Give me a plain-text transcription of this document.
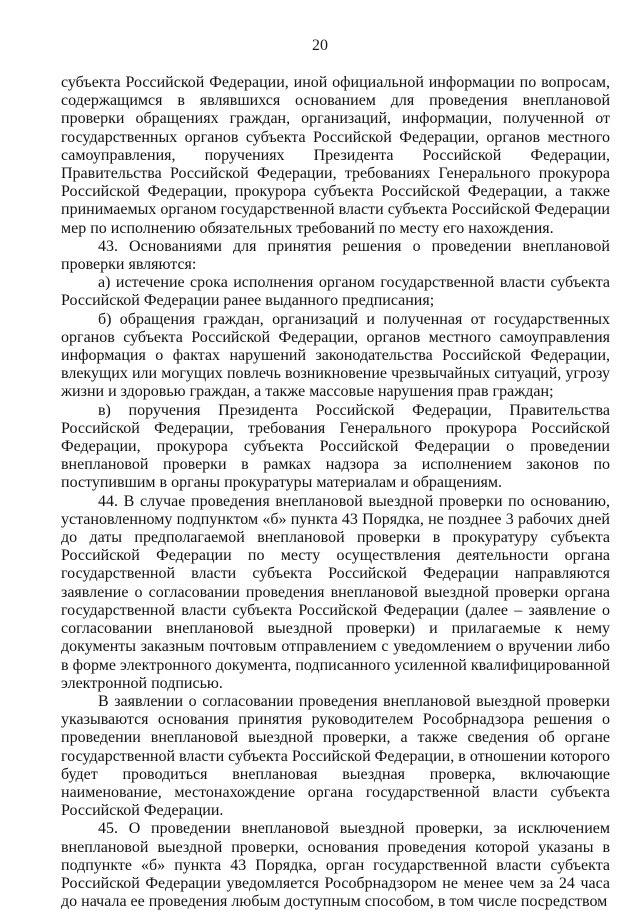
20

субъекта Российской Федерации, иной официальной информации по вопросам, содержащимся в являвшихся основанием для проведения внеплановой проверки обращениях граждан, организаций, информации, полученной от государственных органов субъекта Российской Федерации, органов местного самоуправления, поручениях Президента Российской Федерации, Правительства Российской Федерации, требованиях Генерального прокурора Российской Федерации, прокурора субъекта Российской Федерации, а также принимаемых органом государственной власти субъекта Российской Федерации мер по исполнению обязательных требований по месту его нахождения.

43. Основаниями для принятия решения о проведении внеплановой проверки являются:

а) истечение срока исполнения органом государственной власти субъекта Российской Федерации ранее выданного предписания;

б) обращения граждан, организаций и полученная от государственных органов субъекта Российской Федерации, органов местного самоуправления информация о фактах нарушений законодательства Российской Федерации, влекущих или могущих повлечь возникновение чрезвычайных ситуаций, угрозу жизни и здоровью граждан, а также массовые нарушения прав граждан;

в) поручения Президента Российской Федерации, Правительства Российской Федерации, требования Генерального прокурора Российской Федерации, прокурора субъекта Российской Федерации о проведении внеплановой проверки в рамках надзора за исполнением законов по поступившим в органы прокуратуры материалам и обращениям.

44. В случае проведения внеплановой выездной проверки по основанию, установленному подпунктом «б» пункта 43 Порядка, не позднее 3 рабочих дней до даты предполагаемой внеплановой проверки в прокуратуру субъекта Российской Федерации по месту осуществления деятельности органа государственной власти субъекта Российской Федерации направляются заявление о согласовании проведения внеплановой выездной проверки органа государственной власти субъекта Российской Федерации (далее – заявление о согласовании внеплановой выездной проверки) и прилагаемые к нему документы заказным почтовым отправлением с уведомлением о вручении либо в форме электронного документа, подписанного усиленной квалифицированной электронной подписью.

В заявлении о согласовании проведения внеплановой выездной проверки указываются основания принятия руководителем Рособрнадзора решения о проведении внеплановой выездной проверки, а также сведения об органе государственной власти субъекта Российской Федерации, в отношении которого будет проводиться внеплановая выездная проверка, включающие наименование, местонахождение органа государственной власти субъекта Российской Федерации.

45. О проведении внеплановой выездной проверки, за исключением внеплановой выездной проверки, основания проведения которой указаны в подпункте «б» пункта 43 Порядка, орган государственной власти субъекта Российской Федерации уведомляется Рособрнадзором не менее чем за 24 часа до начала ее проведения любым доступным способом, в том числе посредством
